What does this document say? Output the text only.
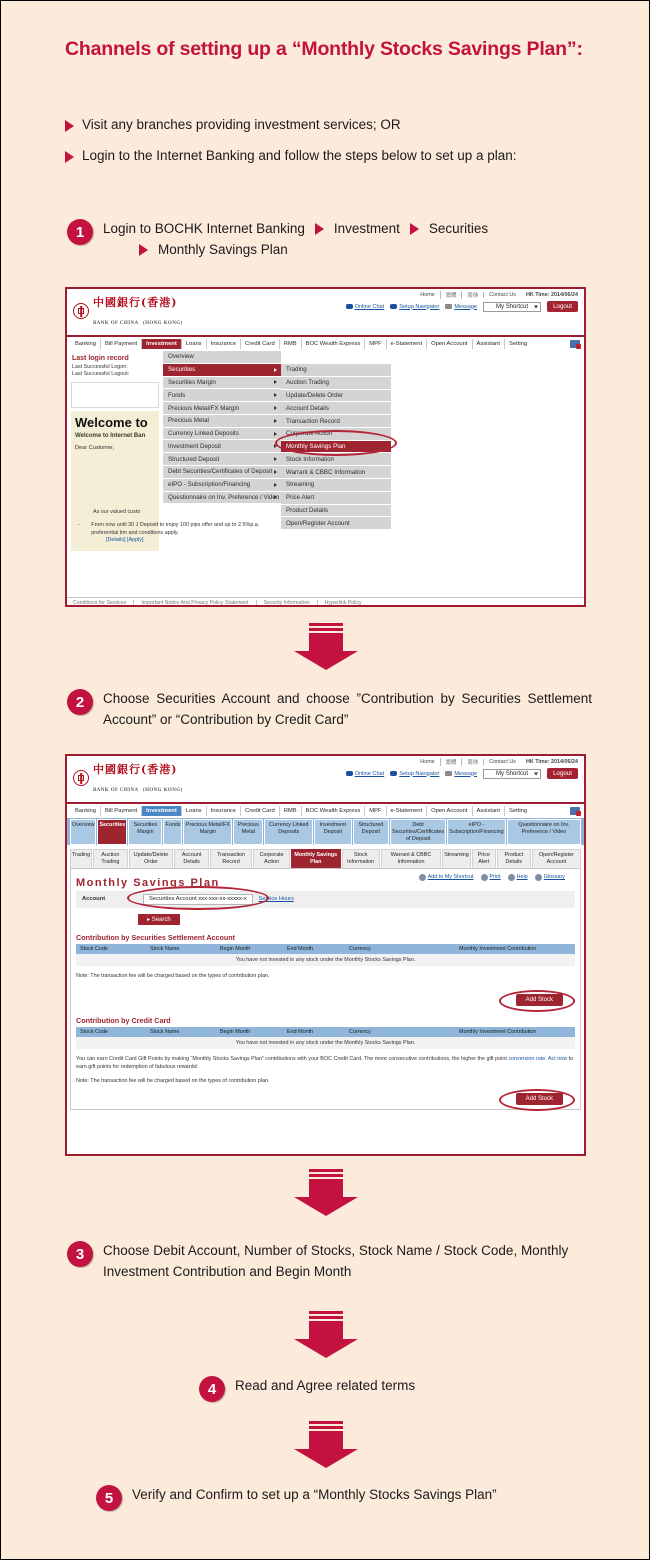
Channels of setting up a “Monthly Stocks Savings Plan”:
Visit any branches providing investment services; OR
Login to the Internet Banking and follow the steps below to set up a plan:
1	Login to BOCHK Internet Banking Investment Securities
Monthly Savings Plan
中國銀行(香港)
BANK OF CHINA (HONG KONG)
Home	繁體	简体	Contact Us	HK Time: 2014/06/24
Online Chat	Setup Navigator	Message	My Shortcut	Logout
Banking	Bill Payment	Investment	Loans	Insurance	Credit Card	RMB	BOC Wealth Express	MPF	e-Statement	Open Account	Assistant	Setting
Last login record
Last Successful Logon:
Last Successful Logout:
Welcome to
Welcome to Internet Ban

Dear Customer,

As our valued custo
- From now until 30 J Deposit to enjoy 100 pips offer and up to 2.5%p.a. preferential tim and conditions apply. [Details] [Apply]
Overview
Securities
Securities Margin
Funds
Precious Metal/FX Margin
Precious Metal
Currency Linked Deposits
Investment Deposit
Structured Deposit
Debt Securities/Certificates of Deposit
eIPO - Subscription/Financing
Questionnaire on Inv. Preference / Video
Trading
Auction Trading
Update/Delete Order
Account Details
Transaction Record
Corporate Action
Monthly Savings Plan
Stock Information
Warrant & CBBC Information
Streaming
Price Alert
Product Details
Open/Register Account
Conditions for Services	Important Notice And Privacy Policy Statement	Security Information	Hyperlink Policy
2	Choose Securities Account and choose ”Contribution by Securities Settlement Account” or “Contribution by Credit Card”
中國銀行(香港)
BANK OF CHINA (HONG KONG)
Home	繁體	简体	Contact Us	HK Time: 2014/06/24
Online Chat	Setup Navigator	Message	My Shortcut	Logout
Banking	Bill Payment	Investment	Loans	Insurance	Credit Card	RMB	BOC Wealth Express	MPF	e-Statement	Open Account	Assistant	Setting
Overview Securities	Securities Margin
Funds	Precious Metal/FX Margin
Precious Metal
Currency Linked Deposits
Investment Deposit
Structured Deposit
Debt Securities/Certificates of Deposit
eIPO - Subscription/Financing
Questionnaire on Inv. Preference / Video
Trading	Auction Trading
Update/Delete Order
Account Details
Transaction Record
Corporate Action
Monthly Savings Plan
Stock Information
Warrant & CBBC Information
Streaming	Price Alert
Product Details
Open/Register Account
Monthly Savings Plan	Add to My Shortcut	Print	Help	Glossary
Account	Securities Account xxx-xxx-xx-xxxxx-x	Service Hours
▸ Search
Contribution by Securities Settlement Account
Stock Code	Stock Name	Begin Month	End Month	Currency	Monthly Investment Contribution
You have not invested in any stock under the Monthly Stocks Savings Plan.
Note: The transaction fee will be charged based on the types of contribution plan.
Add Stock
Contribution by Credit Card
Stock Code	Stock Name	Begin Month	End Month	Currency	Monthly Investment Contribution
You have not invested in any stock under the Monthly Stocks Savings Plan.
You can earn Credit Card Gift Points by making “Monthly Stocks Savings Plan” contributions with your BOC Credit Card. The more consecutive contributions, the higher the gift point conversion rate. Act now to earn gift points for redemption of fabulous rewards!
Note: The transaction fee will be charged based on the types of contribution plan.
Add Stock
3	Choose Debit Account, Number of Stocks, Stock Name / Stock Code, Monthly Investment Contribution and Begin Month
4	Read and Agree related terms
5	Verify and Confirm to set up a “Monthly Stocks Savings Plan”
